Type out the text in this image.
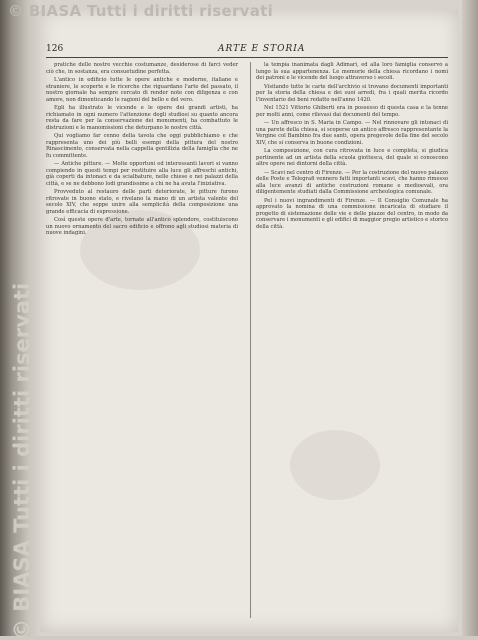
© BIASA Tutti i diritti riservati
© BIASA Tutti i diritti riservati
126	ARTE E STORIA

pratiche delle nostre vecchie costumanze, desiderose di farci veder ciò che, in sostanza, era consuetudine perfetta.

L'antico in edificio tutte le opere antiche e moderne, italiane e straniere, le scoperte e le ricerche che riguardano l'arte del passato, il nostro giornale ha sempre cercato di render note con diligenza e con amore, non dimenticando le ragioni del bello e del vero.

Egli ha illustrato le vicende e le opere dei grandi artisti, ha richiamato in ogni numero l'attenzione degli studiosi su quanto ancora resta da fare per la conservazione dei monumenti, ha combattuto le distruzioni e le manomissioni che deturpano le nostre città.

Qui vogliamo far cenno della tavola che oggi pubblichiamo e che rappresenta uno dei più belli esempi della pittura del nostro Rinascimento, conservata nella cappella gentilizia della famiglia che ne fu committente.

— Antiche pitture. — Molte opportuni ed interessanti lavori si vanno compiendo in questi tempi per restituire alla luce gli affreschi antichi, già coperti da intonaci e da scialbature, nelle chiese e nei palazzi della città, e se ne debbono lodi grandissime a chi ne ha avuta l'iniziativa.

Provveduto al restauro delle parti deteriorate, le pitture furono ritrovate in buono stato, e rivelano la mano di un artista valente del secolo XIV, che seppe unire alla semplicità della composizione una grande efficacia di espressione.

Così queste opere d'arte, tornate all'antico splendore, costituiscono un nuovo ornamento del sacro edificio e offrono agli studiosi materia di nuove indagini.

la tempia inanimata dagli Adimari, ed alla loro famiglia conservò a lungo la sua appartenenza. Le memorie della chiesa ricordano i nomi dei patroni e le vicende del luogo attraverso i secoli.

Visitando tutte le carte dell'archivio si trovano documenti importanti per la storia della chiesa e dei suoi arredi, fra i quali merita ricordo l'inventario dei beni redatto nell'anno 1420.

Nel 1521 Vittorio Ghiberti era in possesso di questa casa e la tenne per molti anni, come rilevasi dai documenti del tempo.

— Un affresco in S. Maria in Campo. — Nel rinnovare gli intonaci di una parete della chiesa, si scoperse un antico affresco rappresentante la Vergine col Bambino fra due santi, opera pregevole della fine del secolo XIV, che si conserva in buone condizioni.

La composizione, con cura ritrovata in luce e completa, si giudica pertinente ad un artista della scuola giottesca, del quale si conoscono altre opere nei dintorni della città.

— Scavi nel centro di Firenze. — Per la costruzione del nuovo palazzo delle Poste e Telegrafi vennero fatti importanti scavi, che hanno rimesso alla luce avanzi di antiche costruzioni romane e medioevali, ora diligentemente studiati dalla Commissione archeologica comunale.

Pel i nuovi ingrandimenti di Firenze. — Il Consiglio Comunale ha approvato la nomina di una commissione incaricata di studiare il progetto di sistemazione delle vie e delle piazze del centro, in modo da conservare i monumenti e gli edifici di maggior pregio artistico e storico della città.
